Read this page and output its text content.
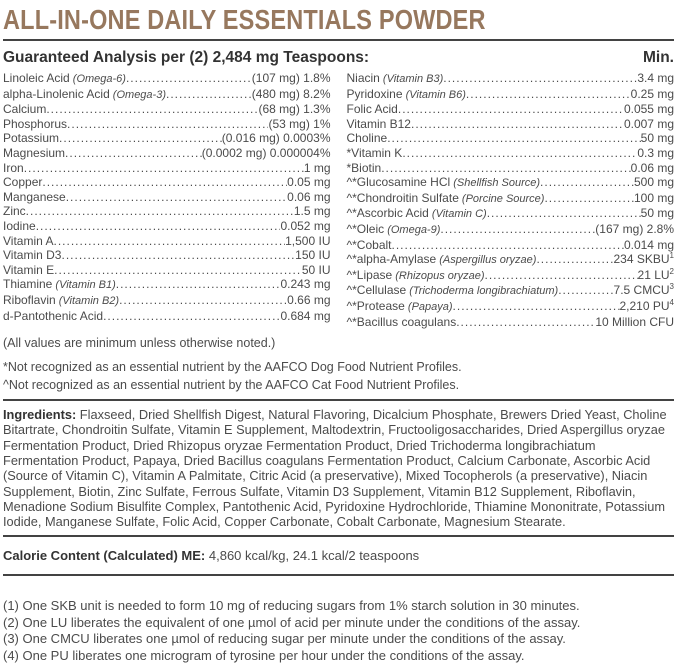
ALL-IN-ONE DAILY ESSENTIALS POWDER
Guaranteed Analysis per (2) 2,484 mg Teaspoons:	Min.
Linoleic Acid (Omega-6) .....	(107 mg) 1.8%
alpha-Linolenic Acid (Omega-3) .....	(480 mg) 8.2%
Calcium .....	(68 mg) 1.3%
Phosphorus .....	(53 mg) 1%
Potassium .....	(0.016 mg) 0.0003%
Magnesium .....	(0.0002 mg) 0.000004%
Iron .....	1 mg
Copper .....	0.05 mg
Manganese .....	0.06 mg
Zinc .....	1.5 mg
Iodine .....	0.052 mg
Vitamin A .....	1,500 IU
Vitamin D3 .....	150 IU
Vitamin E .....	50 IU
Thiamine (Vitamin B1) .....	0.243 mg
Riboflavin (Vitamin B2) .....	0.66 mg
d-Pantothenic Acid .....	0.684 mg
Niacin (Vitamin B3) .....	3.4 mg
Pyridoxine (Vitamin B6) .....	0.25 mg
Folic Acid .....	0.055 mg
Vitamin B12 .....	0.007 mg
Choline .....	50 mg
*Vitamin K .....	0.3 mg
*Biotin .....	0.06 mg
^*Glucosamine HCl (Shellfish Source) .....	500 mg
^*Chondroitin Sulfate (Porcine Source) .....	100 mg
^*Ascorbic Acid (Vitamin C) .....	50 mg
^*Oleic (Omega-9) .....	(167 mg) 2.8%
^*Cobalt .....	0.014 mg
^*alpha-Amylase (Aspergillus oryzae) .....	234 SKBU$^1$
^*Lipase (Rhizopus oryzae) .....	21 $LU^2$
^*Cellulase (Trichoderma longibrachiatum) .....	7.5 CMCU$^3$
^*Protease (Papaya) .....	2,210 $PU^4$
^*Bacillus coagulans .....	10 Million CFU

(All values are minimum unless otherwise noted.)

*Not recognized as an essential nutrient by the AAFCO Dog Food Nutrient Profiles.

^Not recognized as an essential nutrient by the AAFCO Cat Food Nutrient Profiles.

Ingredients: Flaxseed, Dried Shellfish Digest, Natural Flavoring, Dicalcium Phosphate, Brewers Dried Yeast, Choline Bitartrate, Chondroitin Sulfate, Vitamin E Supplement, Maltodextrin, Fructooligosaccharides, Dried Aspergillus oryzae Fermentation Product, Dried Rhizopus oryzae Fermentation Product, Dried Trichoderma longibrachiatum Fermentation Product, Papaya, Dried Bacillus coagulans Fermentation Product, Calcium Carbonate, Ascorbic Acid (Source of Vitamin C), Vitamin A Palmitate, Citric Acid (a preservative), Mixed Tocopherols (a preservative), Niacin Supplement, Biotin, Zinc Sulfate, Ferrous Sulfate, Vitamin D3 Supplement, Vitamin B12 Supplement, Riboflavin, Menadione Sodium Bisulfite Complex, Pantothenic Acid, Pyridoxine Hydrochloride, Thiamine Mononitrate, Potassium Iodide, Manganese Sulfate, Folic Acid, Copper Carbonate, Cobalt Carbonate, Magnesium Stearate.

Calorie Content (Calculated) ME: 4,860 kcal/kg, 24.1 kcal/2 teaspoons

(1) One SKB unit is needed to form 10 mg of reducing sugars from 1% starch solution in 30 minutes.
(2) One LU liberates the equivalent of one µmol of acid per minute under the conditions of the assay.
(3) One CMCU liberates one µmol of reducing sugar per minute under the conditions of the assay.
(4) One PU liberates one microgram of tyrosine per hour under the conditions of the assay.
